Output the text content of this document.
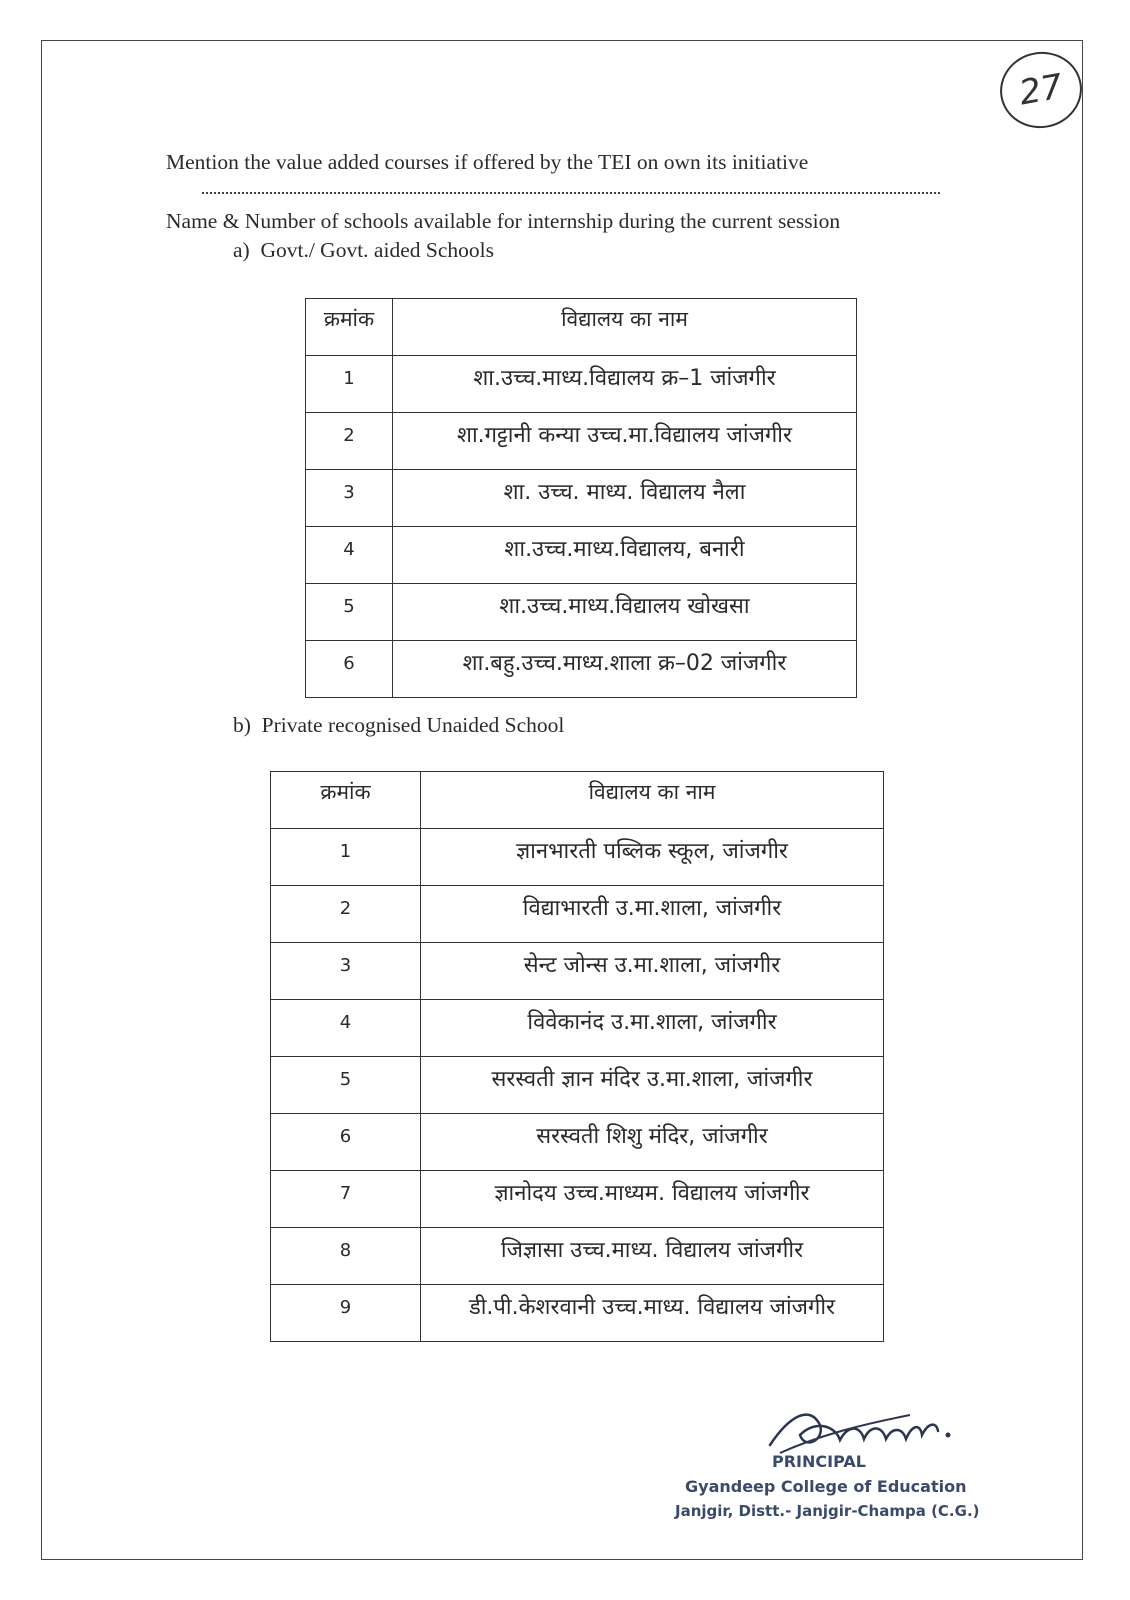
27
Mention the value added courses if offered by the TEI on own its initiative
Name & Number of schools available for internship during the current session
a) Govt./ Govt. aided Schools
क्रमांक	विद्यालय का नाम
1	शा.उच्च.माध्य.विद्यालय क्र–1 जांजगीर
2	शा.गट्टानी कन्या उच्च.मा.विद्यालय जांजगीर
3	शा. उच्च. माध्य. विद्यालय नैला
4	शा.उच्च.माध्य.विद्यालय, बनारी
5	शा.उच्च.माध्य.विद्यालय खोखसा
6	शा.बहु.उच्च.माध्य.शाला क्र–02 जांजगीर
b) Private recognised Unaided School
क्रमांक	विद्यालय का नाम
1	ज्ञानभारती पब्लिक स्कूल, जांजगीर
2	विद्याभारती उ.मा.शाला, जांजगीर
3	सेन्ट जोन्स उ.मा.शाला, जांजगीर
4	विवेकानंद उ.मा.शाला, जांजगीर
5	सरस्वती ज्ञान मंदिर उ.मा.शाला, जांजगीर
6	सरस्वती शिशु मंदिर, जांजगीर
7	ज्ञानोदय उच्च.माध्यम. विद्यालय जांजगीर
8	जिज्ञासा उच्च.माध्य. विद्यालय जांजगीर
9	डी.पी.केशरवानी उच्च.माध्य. विद्यालय जांजगीर
PRINCIPAL
Gyandeep College of Education
Janjgir, Distt.- Janjgir-Champa (C.G.)
